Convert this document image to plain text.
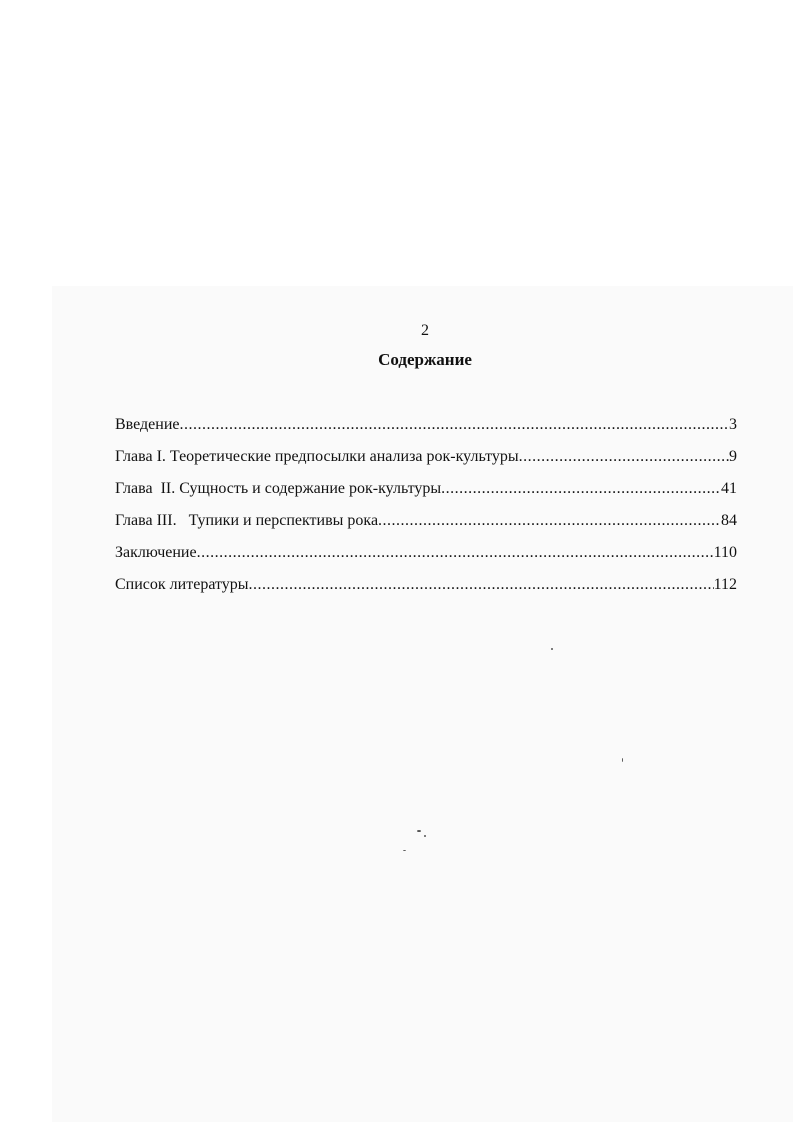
2
Содержание
Введение .....	3
Глава I. Теоретические предпосылки анализа рок-культуры .....	9
Глава  II. Сущность и содержание рок-культуры .....	41
Глава III.   Тупики и перспективы рока .....	84
Заключение .....	110
Список литературы .....	112
